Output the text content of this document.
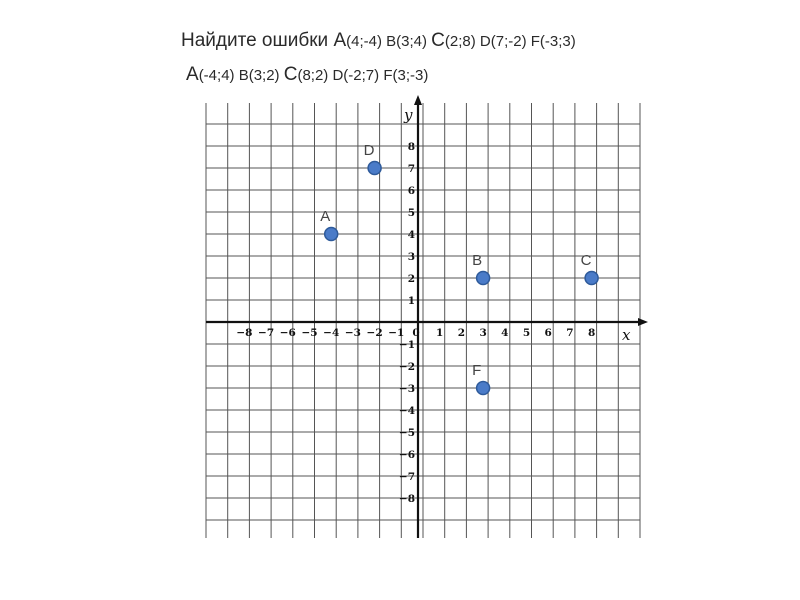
Найдите ошибки А(4;-4) B(3;4) С(2;8) D(7;-2) F(-3;3)
А(-4;4) B(3;2) С(8;2) D(-2;7) F(3;-3)
x
y
−8 −7 −6 −5 −4 −3 −2 −1 0 1 2 3 4 5 6 7 8
8
7
6
5
4
3
2
1
−1
−2
−3
−4
−5
−6
−7
−8
А
B	C
D
F
